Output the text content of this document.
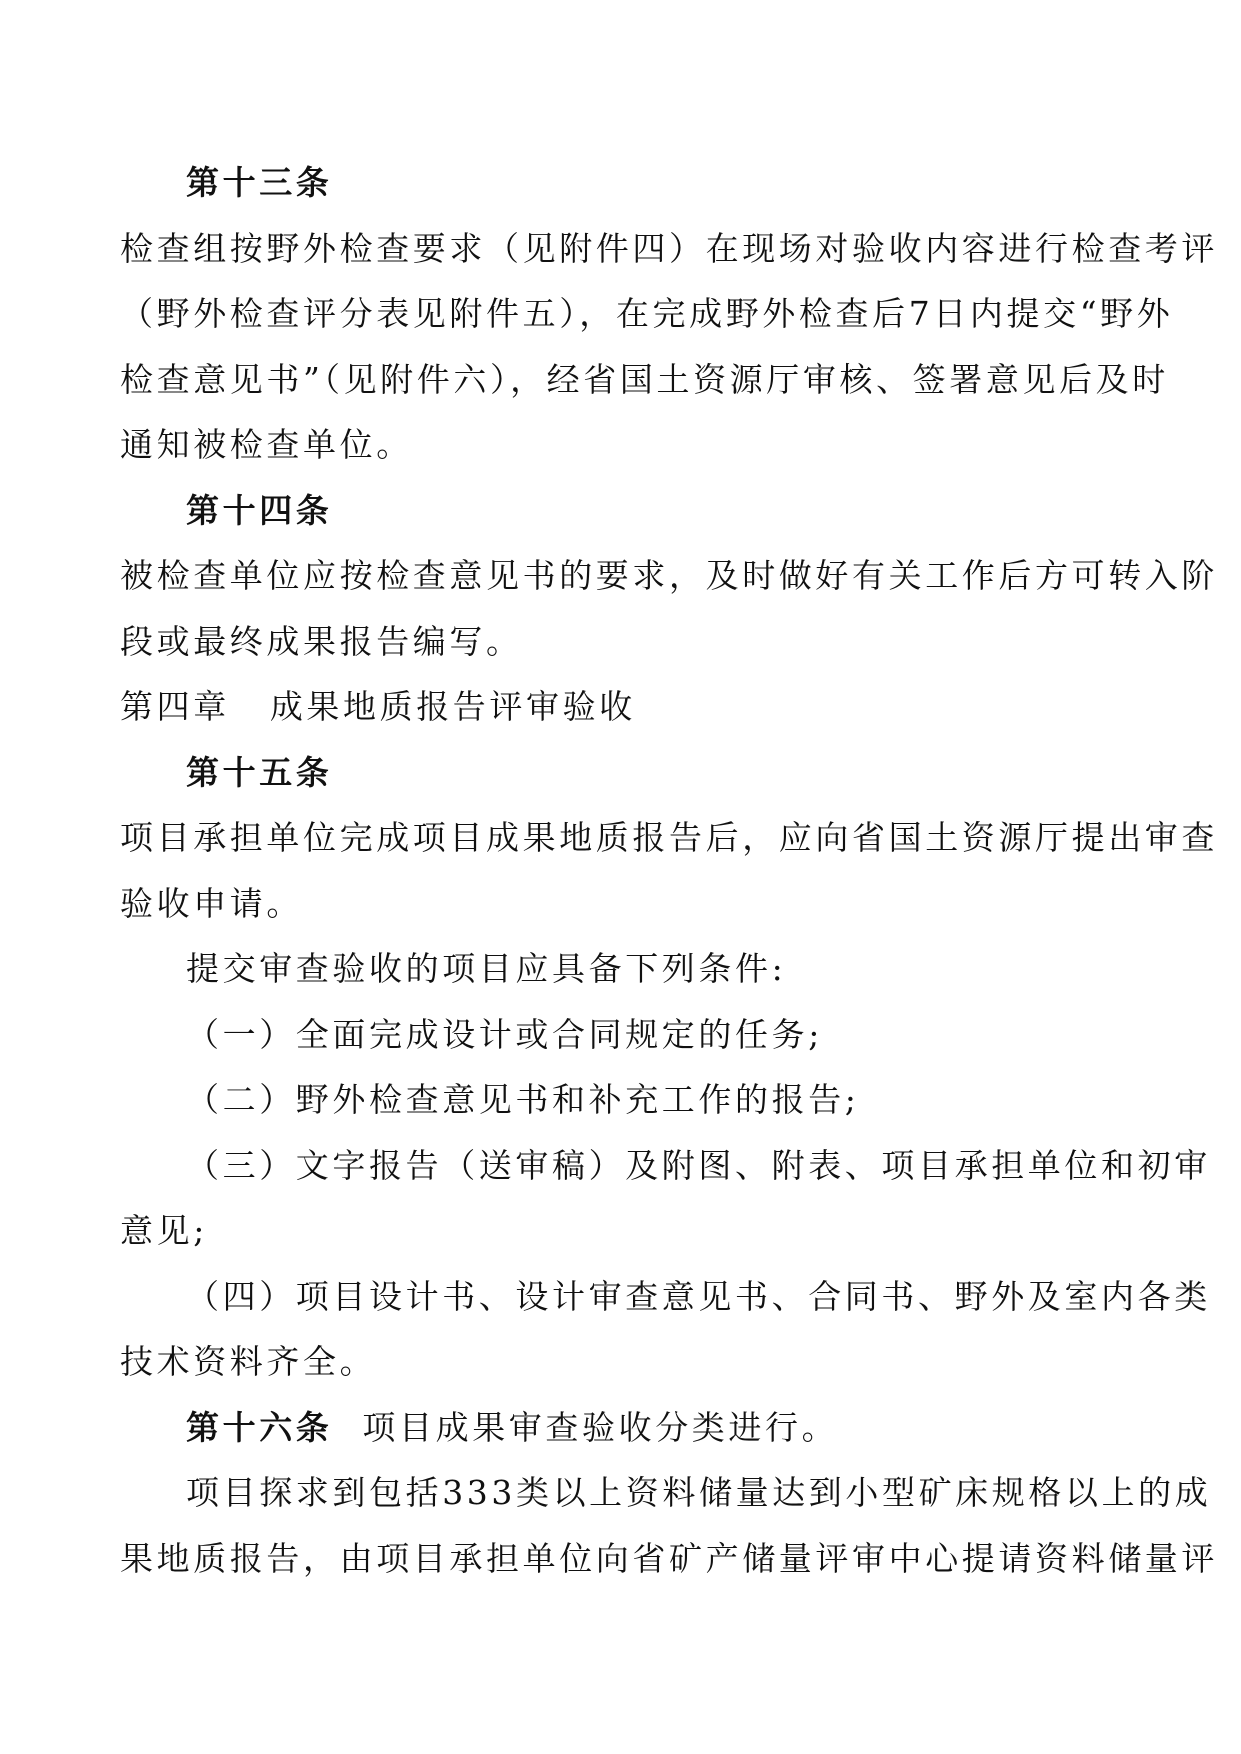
第十三条
检查组按野外检查要求（见附件四）在现场对验收内容进行检查考评
（野外检查评分表见附件五），在完成野外检查后7日内提交“野外
检查意见书”（见附件六），经省国土资源厅审核、签署意见后及时
通知被检查单位。
第十四条
被检查单位应按检查意见书的要求，及时做好有关工作后方可转入阶
段或最终成果报告编写。
第四章 成果地质报告评审验收
第十五条
项目承担单位完成项目成果地质报告后，应向省国土资源厅提出审查
验收申请。
提交审查验收的项目应具备下列条件:
（一）全面完成设计或合同规定的任务;
（二）野外检查意见书和补充工作的报告;
（三）文字报告（送审稿）及附图、附表、项目承担单位和初审
意见;
（四）项目设计书、设计审查意见书、合同书、野外及室内各类
技术资料齐全。
第十六条 项目成果审查验收分类进行。
项目探求到包括333类以上资料储量达到小型矿床规格以上的成
果地质报告，由项目承担单位向省矿产储量评审中心提请资料储量评
